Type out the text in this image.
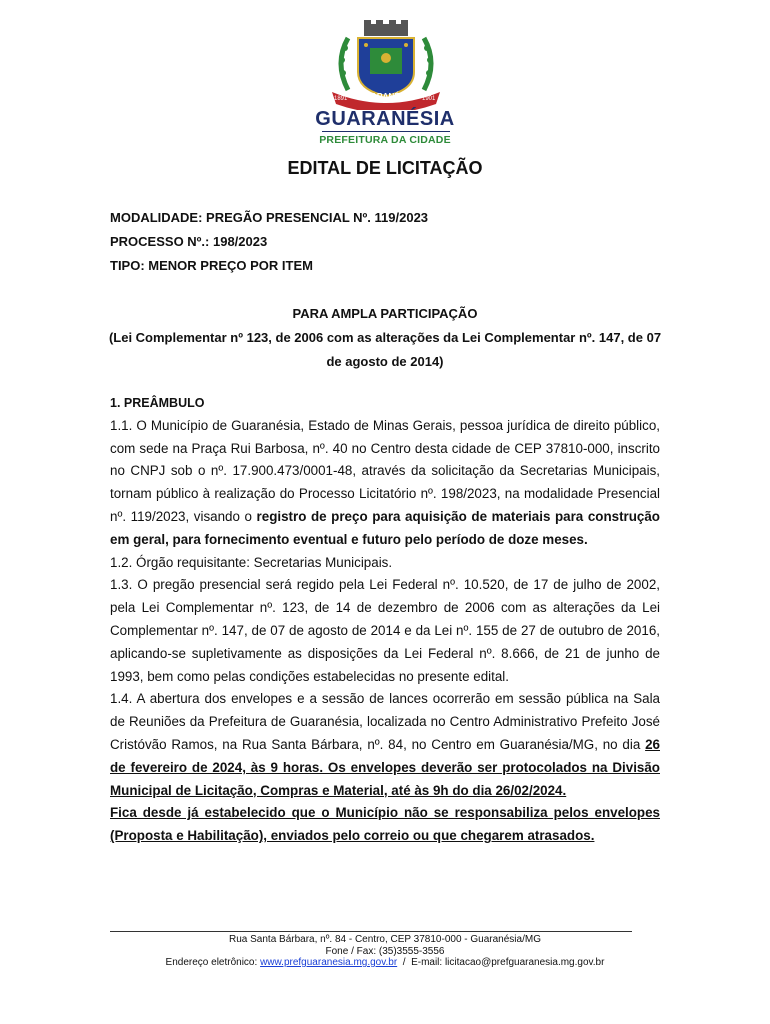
GUARANÉSIA
1891	1901
GUARANÉSIA
PREFEITURA DA CIDADE
EDITAL DE LICITAÇÃO
MODALIDADE: PREGÃO PRESENCIAL Nº. 119/2023
PROCESSO Nº.: 198/2023
TIPO: MENOR PREÇO POR ITEM
PARA AMPLA PARTICIPAÇÃO
(Lei Complementar nº 123, de 2006 com as alterações da Lei Complementar nº. 147, de 07 de agosto de 2014)

1. PREÂMBULO

1.1. O Município de Guaranésia, Estado de Minas Gerais, pessoa jurídica de direito público, com sede na Praça Rui Barbosa, nº. 40 no Centro desta cidade de CEP 37810-000, inscrito no CNPJ sob o nº. 17.900.473/0001-48, através da solicitação da Secretarias Municipais, tornam público à realização do Processo Licitatório nº. 198/2023, na modalidade Presencial nº. 119/2023, visando o registro de preço para aquisição de materiais para construção em geral, para fornecimento eventual e futuro pelo período de doze meses.

1.2. Órgão requisitante: Secretarias Municipais.

1.3. O pregão presencial será regido pela Lei Federal nº. 10.520, de 17 de julho de 2002, pela Lei Complementar nº. 123, de 14 de dezembro de 2006 com as alterações da Lei Complementar nº. 147, de 07 de agosto de 2014 e da Lei nº. 155 de 27 de outubro de 2016, aplicando-se supletivamente as disposições da Lei Federal nº. 8.666, de 21 de junho de 1993, bem como pelas condições estabelecidas no presente edital.

1.4. A abertura dos envelopes e a sessão de lances ocorrerão em sessão pública na Sala de Reuniões da Prefeitura de Guaranésia, localizada no Centro Administrativo Prefeito José Cristóvão Ramos, na Rua Santa Bárbara, nº. 84, no Centro em Guaranésia/MG, no dia 26 de fevereiro de 2024, às 9 horas. Os envelopes deverão ser protocolados na Divisão Municipal de Licitação, Compras e Material, até às 9h do dia 26/02/2024.

Fica desde já estabelecido que o Município não se responsabiliza pelos envelopes (Proposta e Habilitação), enviados pelo correio ou que chegarem atrasados.

Rua Santa Bárbara, nº. 84 - Centro, CEP 37810-000 - Guaranésia/MG
Fone / Fax: (35)3555-3556
Endereço eletrônico: www.prefguaranesia.mg.gov.br  /  E-mail: licitacao@prefguaranesia.mg.gov.br
